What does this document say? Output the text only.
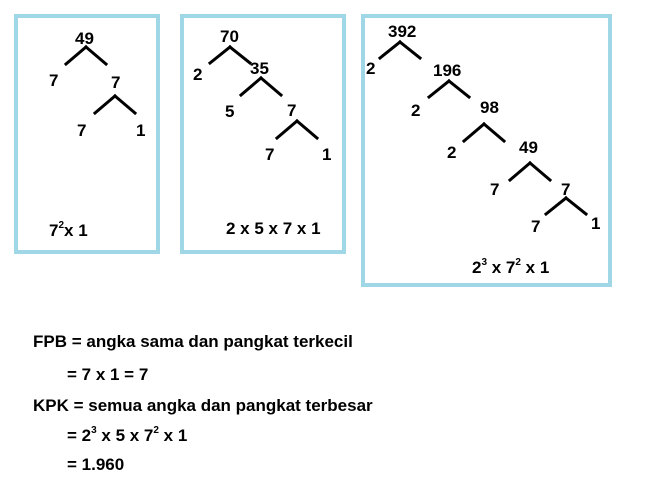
49
7	7
7	1
70
2	35
5	7
7	1
392
2	196
2	98
2	49
7	7
7	1
$7^2x$ 1	2 x 5 x 7 x 1
$2^3$ x $7^2$ x 1
FPB = angka sama dan pangkat terkecil
= 7 x 1 = 7
KPK = semua angka dan pangkat terbesar
= $2^3$ x 5 x $7^2$ x 1
= 1.960
